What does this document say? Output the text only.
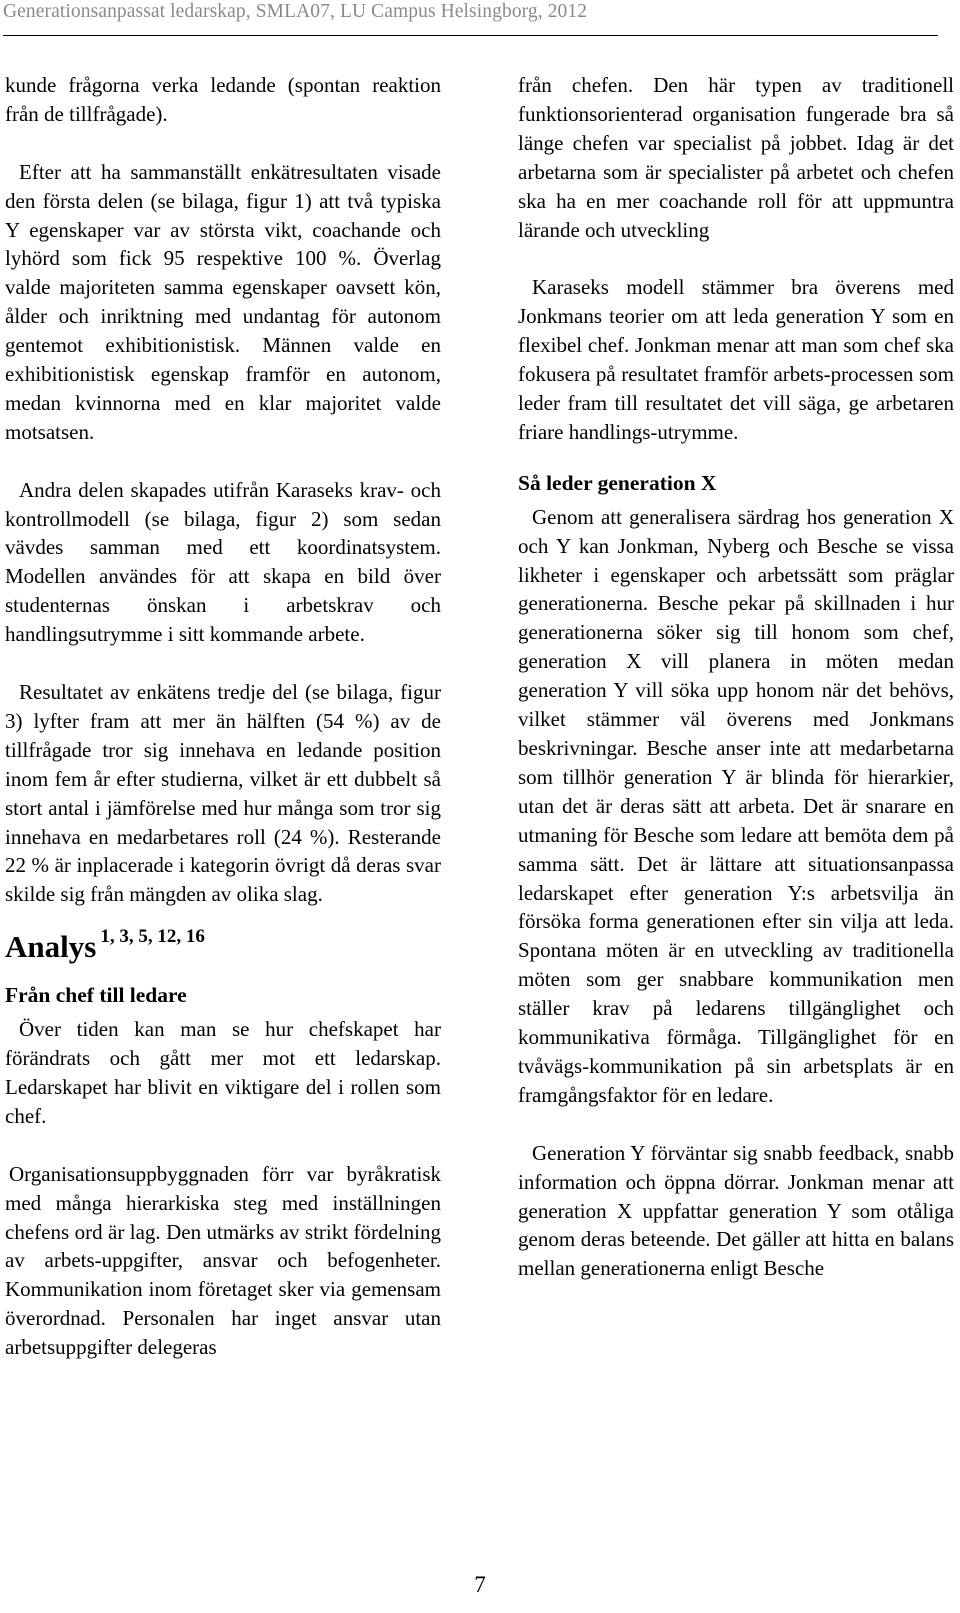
Generationsanpassat ledarskap, SMLA07, LU Campus Helsingborg, 2012

kunde frågorna verka ledande (spontan reaktion från de tillfrågade).

Efter att ha sammanställt enkätresultaten visade den första delen (se bilaga, figur 1) att två typiska Y egenskaper var av största vikt, coachande och lyhörd som fick 95 respektive 100 %. Överlag valde majoriteten samma egenskaper oavsett kön, ålder och inriktning med undantag för autonom gentemot exhibitionistisk. Männen valde en exhibitionistisk egenskap framför en autonom, medan kvinnorna med en klar majoritet valde motsatsen.

Andra delen skapades utifrån Karaseks krav- och kontrollmodell (se bilaga, figur 2) som sedan vävdes samman med ett koordinatsystem. Modellen användes för att skapa en bild över studenternas önskan i arbetskrav och handlingsutrymme i sitt kommande arbete.

Resultatet av enkätens tredje del (se bilaga, figur 3) lyfter fram att mer än hälften (54 %) av de tillfrågade tror sig innehava en ledande position inom fem år efter studierna, vilket är ett dubbelt så stort antal i jämförelse med hur många som tror sig innehava en medarbetares roll (24 %). Resterande 22 % är inplacerade i kategorin övrigt då deras svar skilde sig från mängden av olika slag.

Analys $^{1, 3, 5, 12, 16}$
Från chef till ledare

Över tiden kan man se hur chefskapet har förändrats och gått mer mot ett ledarskap. Ledarskapet har blivit en viktigare del i rollen som chef.

Organisationsuppbyggnaden förr var byråkratisk med många hierarkiska steg med inställningen chefens ord är lag. Den utmärks av strikt fördelning av arbets-uppgifter, ansvar och befogenheter. Kommunikation inom företaget sker via gemensam överordnad. Personalen har inget ansvar utan arbetsuppgifter delegeras

från chefen. Den här typen av traditionell funktionsorienterad organisation fungerade bra så länge chefen var specialist på jobbet. Idag är det arbetarna som är specialister på arbetet och chefen ska ha en mer coachande roll för att uppmuntra lärande och utveckling

Karaseks modell stämmer bra överens med Jonkmans teorier om att leda generation Y som en flexibel chef. Jonkman menar att man som chef ska fokusera på resultatet framför arbets-processen som leder fram till resultatet det vill säga, ge arbetaren friare handlings-utrymme.

Så leder generation X

Genom att generalisera särdrag hos generation X och Y kan Jonkman, Nyberg och Besche se vissa likheter i egenskaper och arbetssätt som präglar generationerna. Besche pekar på skillnaden i hur generationerna söker sig till honom som chef, generation X vill planera in möten medan generation Y vill söka upp honom när det behövs, vilket stämmer väl överens med Jonkmans beskrivningar. Besche anser inte att medarbetarna som tillhör generation Y är blinda för hierarkier, utan det är deras sätt att arbeta. Det är snarare en utmaning för Besche som ledare att bemöta dem på samma sätt. Det är lättare att situationsanpassa ledarskapet efter generation Y:s arbetsvilja än försöka forma generationen efter sin vilja att leda. Spontana möten är en utveckling av traditionella möten som ger snabbare kommunikation men ställer krav på ledarens tillgänglighet och kommunikativa förmåga. Tillgänglighet för en tvåvägs-kommunikation på sin arbetsplats är en framgångsfaktor för en ledare.

Generation Y förväntar sig snabb feedback, snabb information och öppna dörrar. Jonkman menar att generation X uppfattar generation Y som otåliga genom deras beteende. Det gäller att hitta en balans mellan generationerna enligt Besche

7
